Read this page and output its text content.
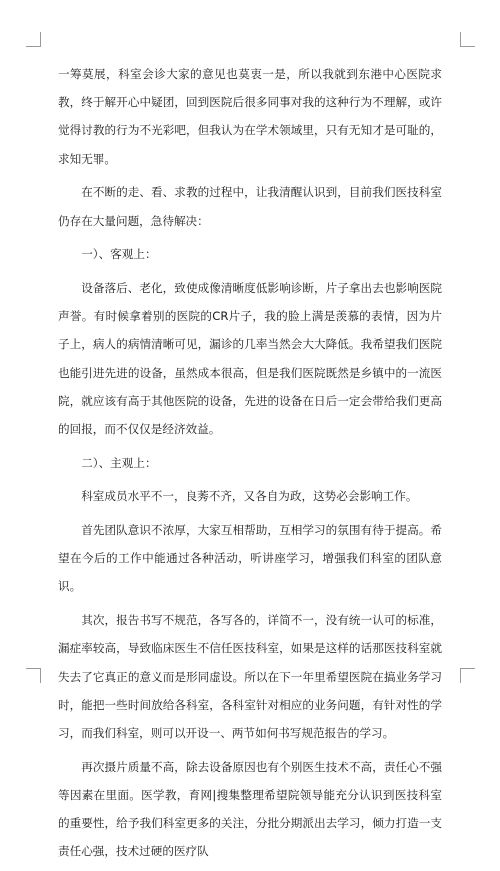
一筹莫展，科室会诊大家的意见也莫衷一是，所以我就到东港中心医院求教，终于解开心中疑团，回到医院后很多同事对我的这种行为不理解，或许觉得讨教的行为不光彩吧，但我认为在学术领域里，只有无知才是可耻的，求知无罪。

在不断的走、看、求教的过程中，让我清醒认识到，目前我们医技科室仍存在大量问题，急待解决：

一）、客观上：

设备落后、老化，致使成像清晰度低影响诊断，片子拿出去也影响医院声誉。有时候拿着别的医院的CR片子，我的脸上满是羡慕的表情，因为片子上，病人的病情清晰可见，漏诊的几率当然会大大降低。我希望我们医院也能引进先进的设备，虽然成本很高，但是我们医院既然是乡镇中的一流医院，就应该有高于其他医院的设备，先进的设备在日后一定会带给我们更高的回报，而不仅仅是经济效益。

二）、主观上：

科室成员水平不一，良莠不齐，又各自为政，这势必会影响工作。

首先团队意识不浓厚，大家互相帮助，互相学习的氛围有待于提高。希望在今后的工作中能通过各种活动，听讲座学习，增强我们科室的团队意识。

其次，报告书写不规范，各写各的，详简不一，没有统一认可的标准，漏症率较高，导致临床医生不信任医技科室，如果是这样的话那医技科室就失去了它真正的意义而是形同虚设。所以在下一年里希望医院在搞业务学习时，能把一些时间放给各科室，各科室针对相应的业务问题，有针对性的学习，而我们科室，则可以开设一、两节如何书写规范报告的学习。

再次摄片质量不高，除去设备原因也有个别医生技术不高，责任心不强等因素在里面。医学教，育网|搜集整理希望院领导能充分认识到医技科室的重要性，给予我们科室更多的关注，分批分期派出去学习，倾力打造一支责任心强，技术过硬的医疗队
